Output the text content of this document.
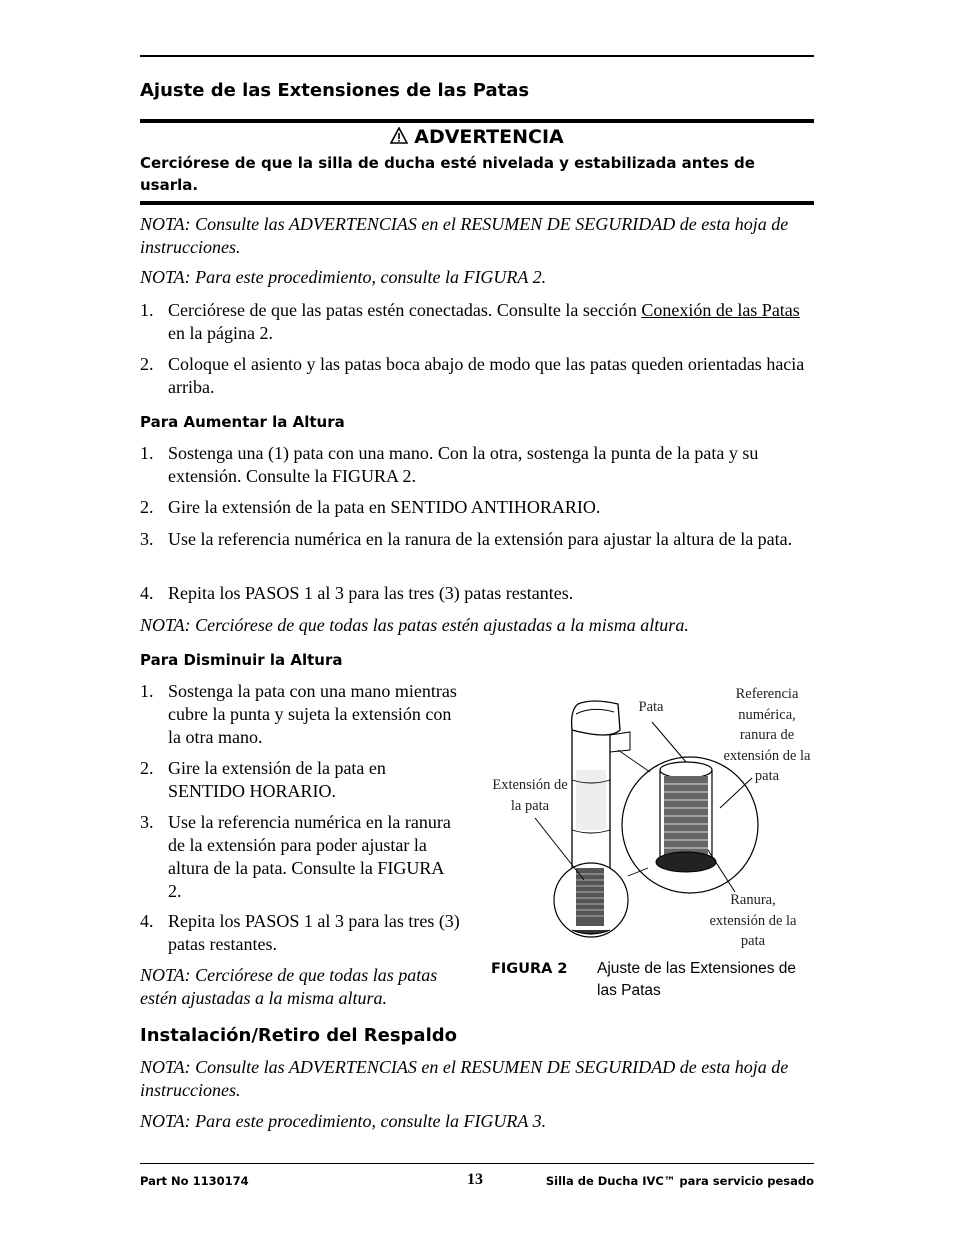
Ajuste de las Extensiones de las Patas
ADVERTENCIA
Cerciórese de que la silla de ducha esté nivelada y estabilizada antes de usarla.
NOTA: Consulte las ADVERTENCIAS en el RESUMEN DE SEGURIDAD de esta hoja de instrucciones.
NOTA: Para este procedimiento, consulte la FIGURA 2.
1. Cerciórese de que las patas estén conectadas. Consulte la sección Conexión de las Patas en la página 2.
2. Coloque el asiento y las patas boca abajo de modo que las patas queden orientadas hacia arriba.
Para Aumentar la Altura
1. Sostenga una (1) pata con una mano. Con la otra, sostenga la punta de la pata y su extensión. Consulte la FIGURA 2.
2. Gire la extensión de la pata en SENTIDO ANTIHORARIO.
3. Use la referencia numérica en la ranura de la extensión para ajustar la altura de la pata.
4. Repita los PASOS 1 al 3 para las tres (3) patas restantes.
NOTA: Cerciórese de que todas las patas estén ajustadas a la misma altura.
Para Disminuir la Altura
1. Sostenga la pata con una mano mientras cubre la punta y sujeta la extensión con la otra mano.
2. Gire la extensión de la pata en SENTIDO HORARIO.
3. Use la referencia numérica en la ranura de la extensión para poder ajustar la altura de la pata. Consulte la FIGURA 2.
4. Repita los PASOS 1 al 3 para las tres (3) patas restantes.
NOTA: Cerciórese de que todas las patas estén ajustadas a la misma altura.
Pata
Referencia numérica, ranura de extensión de la pata
Extensión de la pata
Ranura, extensión de la pata
FIGURA 2 Ajuste de las Extensiones de las Patas
Instalación/Retiro del Respaldo
NOTA: Consulte las ADVERTENCIAS en el RESUMEN DE SEGURIDAD de esta hoja de instrucciones.
NOTA: Para este procedimiento, consulte la FIGURA 3.
Part No 1130174	13	Silla de Ducha IVC™ para servicio pesado
